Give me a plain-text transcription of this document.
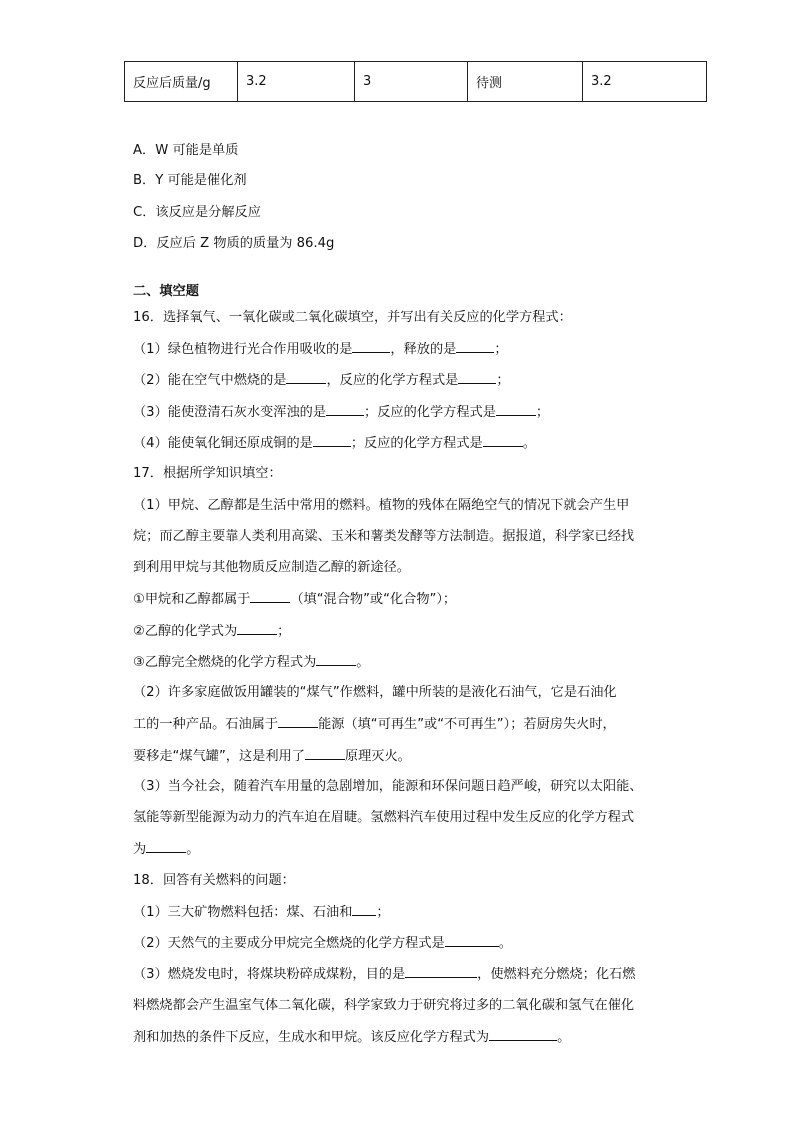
反应后质量/g	3.2	3	待测	3.2
A．W 可能是单质
B．Y 可能是催化剂
C．该反应是分解反应
D．反应后 Z 物质的质量为 86.4g
二、填空题
16．选择氧气、一氧化碳或二氧化碳填空，并写出有关反应的化学方程式：
（1）绿色植物进行光合作用吸收的是	，释放的是	；
（2）能在空气中燃烧的是	，反应的化学方程式是	；
（3）能使澄清石灰水变浑浊的是	；反应的化学方程式是	；
（4）能使氧化铜还原成铜的是	；反应的化学方程式是	。
17．根据所学知识填空：
（1）甲烷、乙醇都是生活中常用的燃料。植物的残体在隔绝空气的情况下就会产生甲
烷；而乙醇主要靠人类利用高粱、玉米和薯类发酵等方法制造。据报道，科学家已经找
到利用甲烷与其他物质反应制造乙醇的新途径。
①甲烷和乙醇都属于	（填“混合物”或“化合物”）；
②乙醇的化学式为	；
③乙醇完全燃烧的化学方程式为	。
（2）许多家庭做饭用罐装的“煤气”作燃料，罐中所装的是液化石油气，它是石油化
工的一种产品。石油属于	能源（填“可再生”或“不可再生”）；若厨房失火时，
要移走“煤气罐”，这是利用了	原理灭火。
（3）当今社会，随着汽车用量的急剧增加，能源和环保问题日趋严峻，研究以太阳能、
氢能等新型能源为动力的汽车迫在眉睫。氢燃料汽车使用过程中发生反应的化学方程式
为	。
18．回答有关燃料的问题：
（1）三大矿物燃料包括：煤、石油和 ；
（2）天然气的主要成分甲烷完全燃烧的化学方程式是	。
（3）燃烧发电时，将煤块粉碎成煤粉，目的是	，使燃料充分燃烧；化石燃
料燃烧都会产生温室气体二氧化碳，科学家致力于研究将过多的二氧化碳和氢气在催化
剂和加热的条件下反应，生成水和甲烷。该反应化学方程式为	。
